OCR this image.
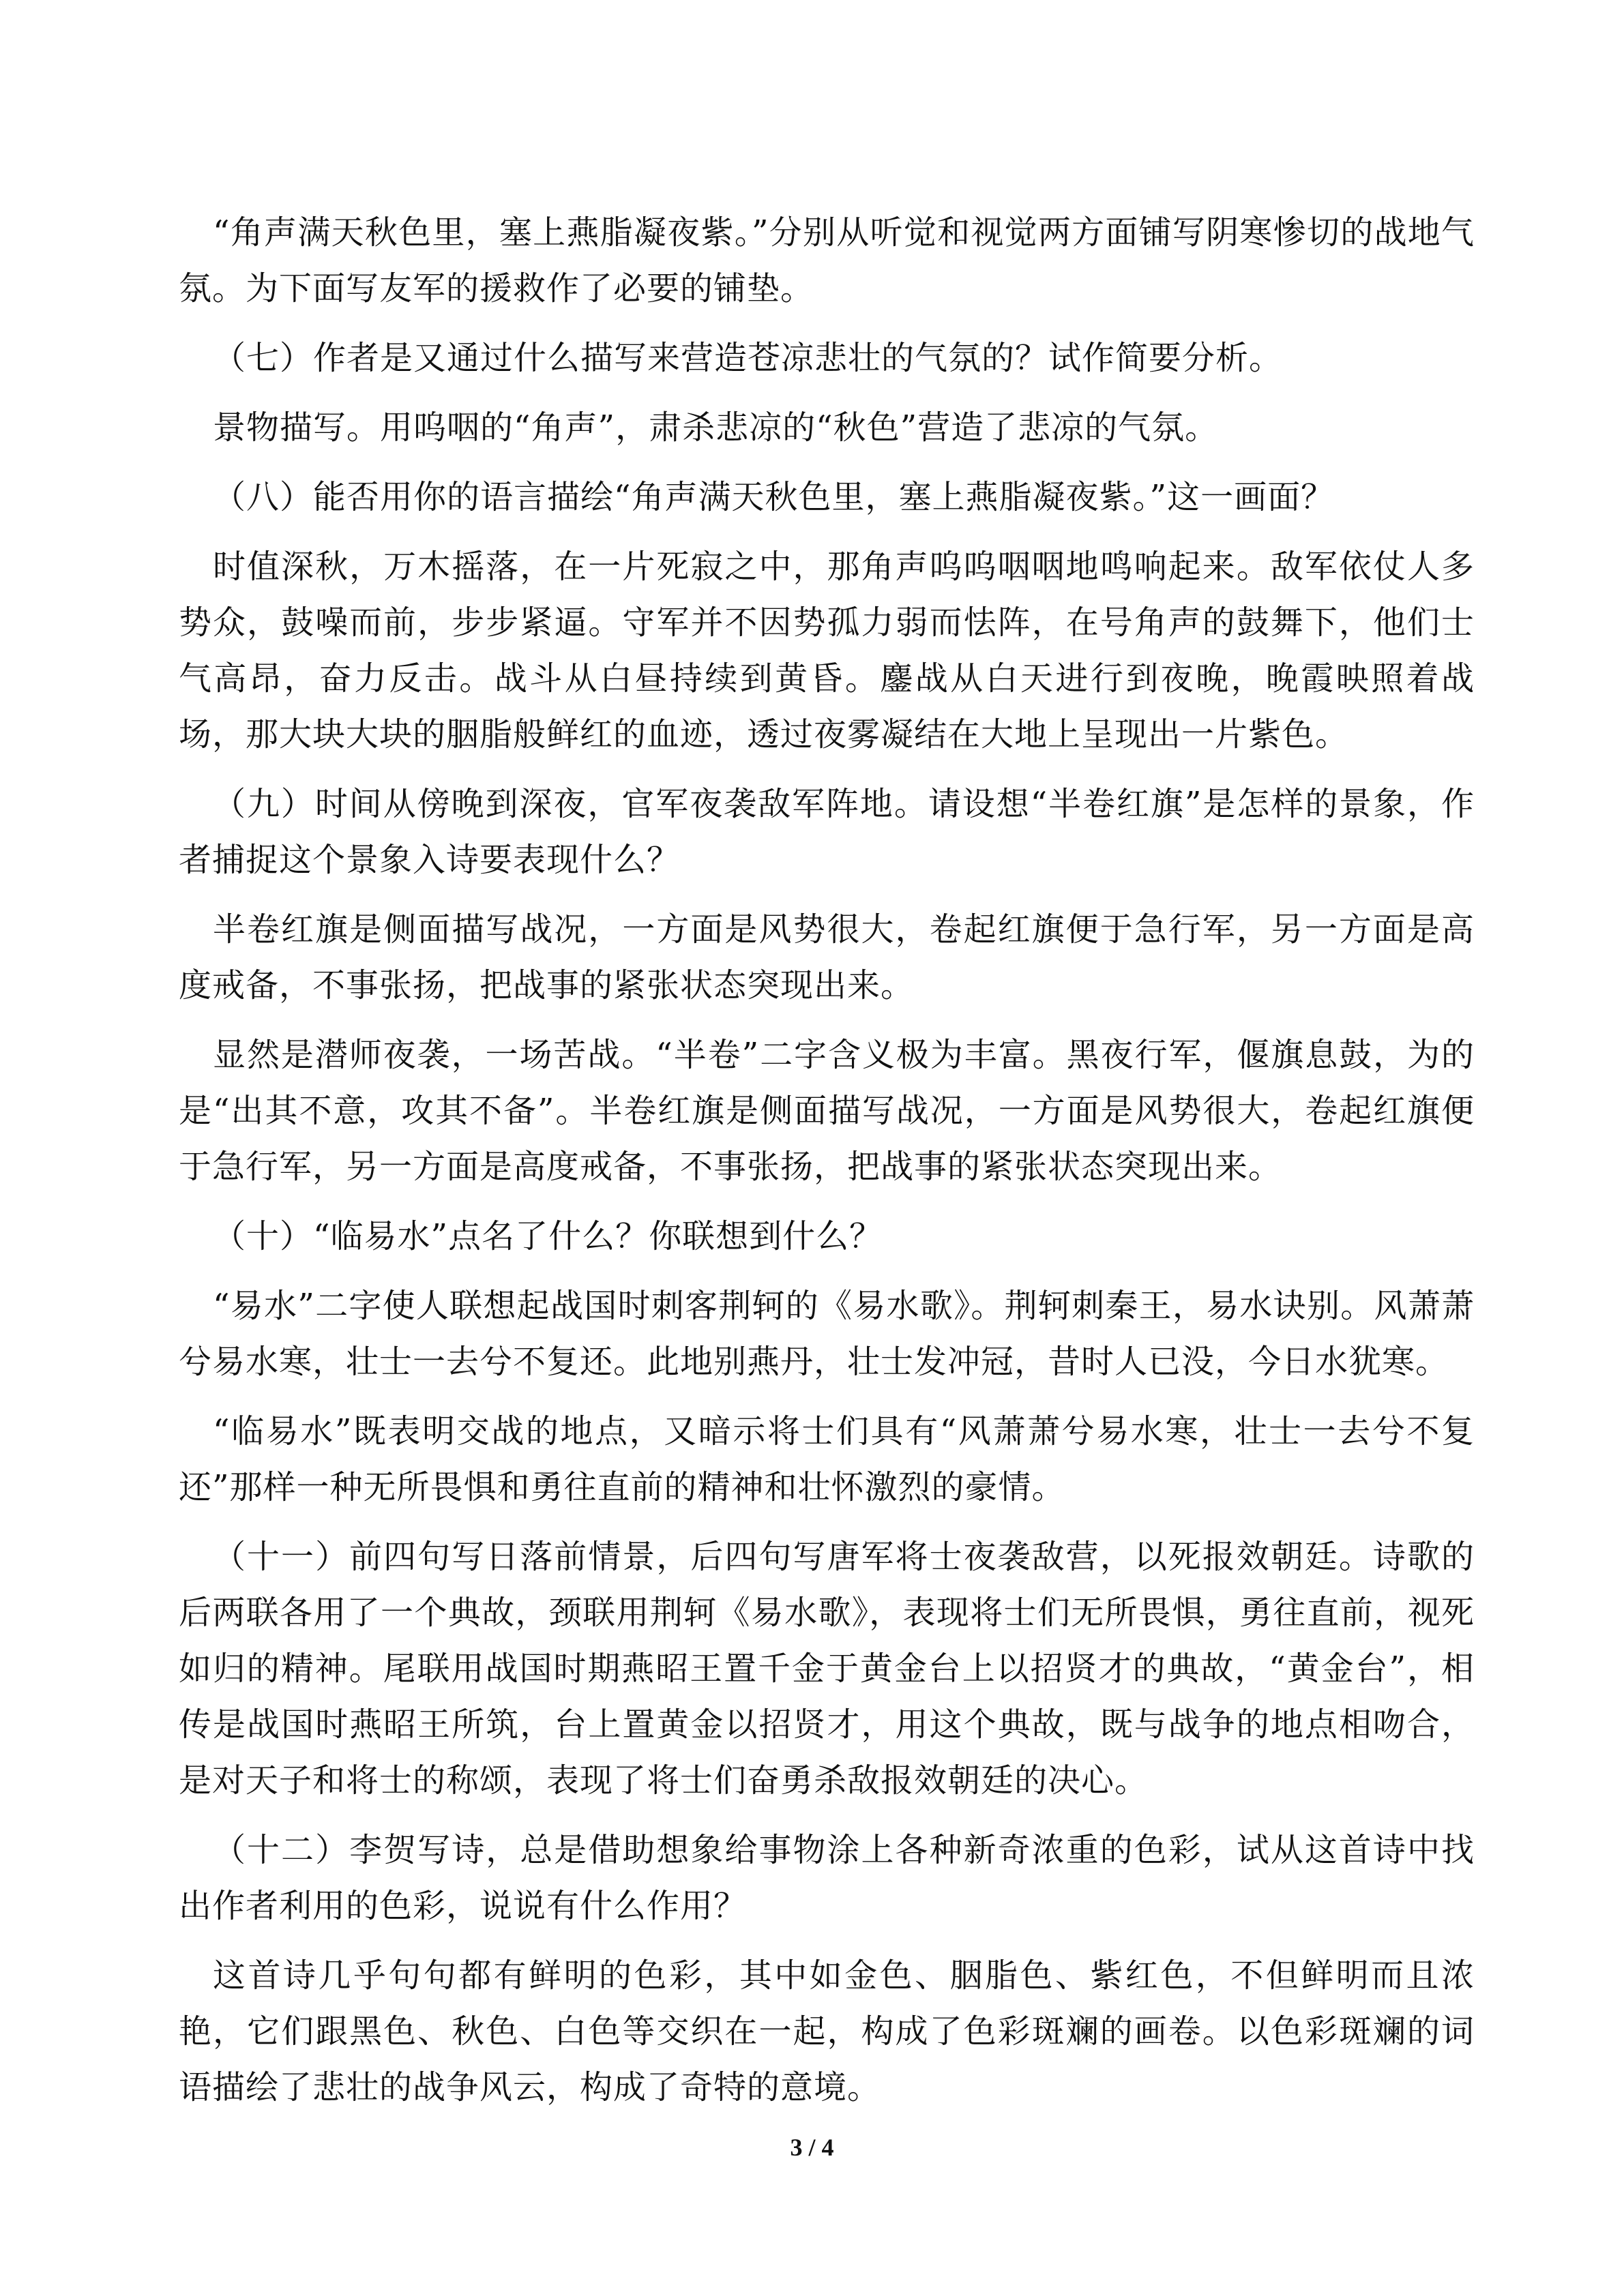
“角声满天秋色里，塞上燕脂凝夜紫。”分别从听觉和视觉两方面铺写阴寒惨切的战地气氛。为下面写友军的援救作了必要的铺垫。

（七）作者是又通过什么描写来营造苍凉悲壮的气氛的？试作简要分析。

景物描写。用呜咽的“角声”，肃杀悲凉的“秋色”营造了悲凉的气氛。

（八）能否用你的语言描绘“角声满天秋色里，塞上燕脂凝夜紫。”这一画面？

时值深秋，万木摇落，在一片死寂之中，那角声呜呜咽咽地鸣响起来。敌军依仗人多势众，鼓噪而前，步步紧逼。守军并不因势孤力弱而怯阵，在号角声的鼓舞下，他们士气高昂，奋力反击。战斗从白昼持续到黄昏。鏖战从白天进行到夜晚，晚霞映照着战场，那大块大块的胭脂般鲜红的血迹，透过夜雾凝结在大地上呈现出一片紫色。

（九）时间从傍晚到深夜，官军夜袭敌军阵地。请设想“半卷红旗”是怎样的景象，作者捕捉这个景象入诗要表现什么？

半卷红旗是侧面描写战况，一方面是风势很大，卷起红旗便于急行军，另一方面是高度戒备，不事张扬，把战事的紧张状态突现出来。

显然是潜师夜袭，一场苦战。“半卷”二字含义极为丰富。黑夜行军，偃旗息鼓，为的是“出其不意，攻其不备”。半卷红旗是侧面描写战况，一方面是风势很大，卷起红旗便于急行军，另一方面是高度戒备，不事张扬，把战事的紧张状态突现出来。

（十）“临易水”点名了什么？你联想到什么？

“易水”二字使人联想起战国时刺客荆轲的《易水歌》。荆轲刺秦王，易水诀别。风萧萧兮易水寒，壮士一去兮不复还。此地别燕丹，壮士发冲冠，昔时人已没，今日水犹寒。

“临易水”既表明交战的地点，又暗示将士们具有“风萧萧兮易水寒，壮士一去兮不复还”那样一种无所畏惧和勇往直前的精神和壮怀激烈的豪情。

（十一）前四句写日落前情景，后四句写唐军将士夜袭敌营，以死报效朝廷。诗歌的后两联各用了一个典故，颈联用荆轲《易水歌》，表现将士们无所畏惧，勇往直前，视死如归的精神。尾联用战国时期燕昭王置千金于黄金台上以招贤才的典故，“黄金台”，相传是战国时燕昭王所筑，台上置黄金以招贤才，用这个典故，既与战争的地点相吻合，是对天子和将士的称颂，表现了将士们奋勇杀敌报效朝廷的决心。

（十二）李贺写诗，总是借助想象给事物涂上各种新奇浓重的色彩，试从这首诗中找出作者利用的色彩，说说有什么作用？

这首诗几乎句句都有鲜明的色彩，其中如金色、胭脂色、紫红色，不但鲜明而且浓艳，它们跟黑色、秋色、白色等交织在一起，构成了色彩斑斓的画卷。以色彩斑斓的词语描绘了悲壮的战争风云，构成了奇特的意境。

3 / 4
